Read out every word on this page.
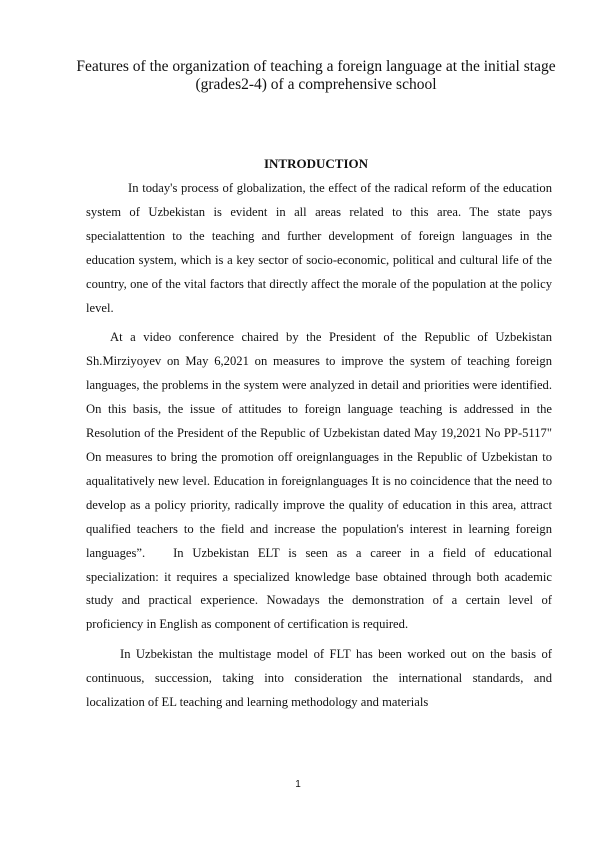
Features of the organization of teaching a foreign language at the initial stage (grades2-4) of a comprehensive school
INTRODUCTION

In today's process of globalization, the effect of the radical reform of the education system of Uzbekistan is evident in all areas related to this area. The state pays specialattention to the teaching and further development of foreign languages in the education system, which is a key sector of socio-economic, political and cultural life of the country, one of the vital factors that directly affect the morale of the population at the policy level.

At a video conference chaired by the President of the Republic of Uzbekistan Sh.Mirziyoyev on May 6,2021 on measures to improve the system of teaching foreign languages, the problems in the system were analyzed in detail and priorities were identified. On this basis, the issue of attitudes to foreign language teaching is addressed in the Resolution of the President of the Republic of Uzbekistan dated May 19,2021 No PP-5117" On measures to bring the promotion off oreignlanguages in the Republic of Uzbekistan to aqualitatively new level. Education in foreignlanguages It is no coincidence that the need to develop as a policy priority, radically improve the quality of education in this area, attract qualified teachers to the field and increase the population's interest in learning foreign languages”. In Uzbekistan ELT is seen as a career in a field of educational specialization: it requires a specialized knowledge base obtained through both academic study and practical experience. Nowadays the demonstration of a certain level of proficiency in English as component of certification is required.

In Uzbekistan the multistage model of FLT has been worked out on the basis of continuous, succession, taking into consideration the international standards, and localization of EL teaching and learning methodology and materials

1
